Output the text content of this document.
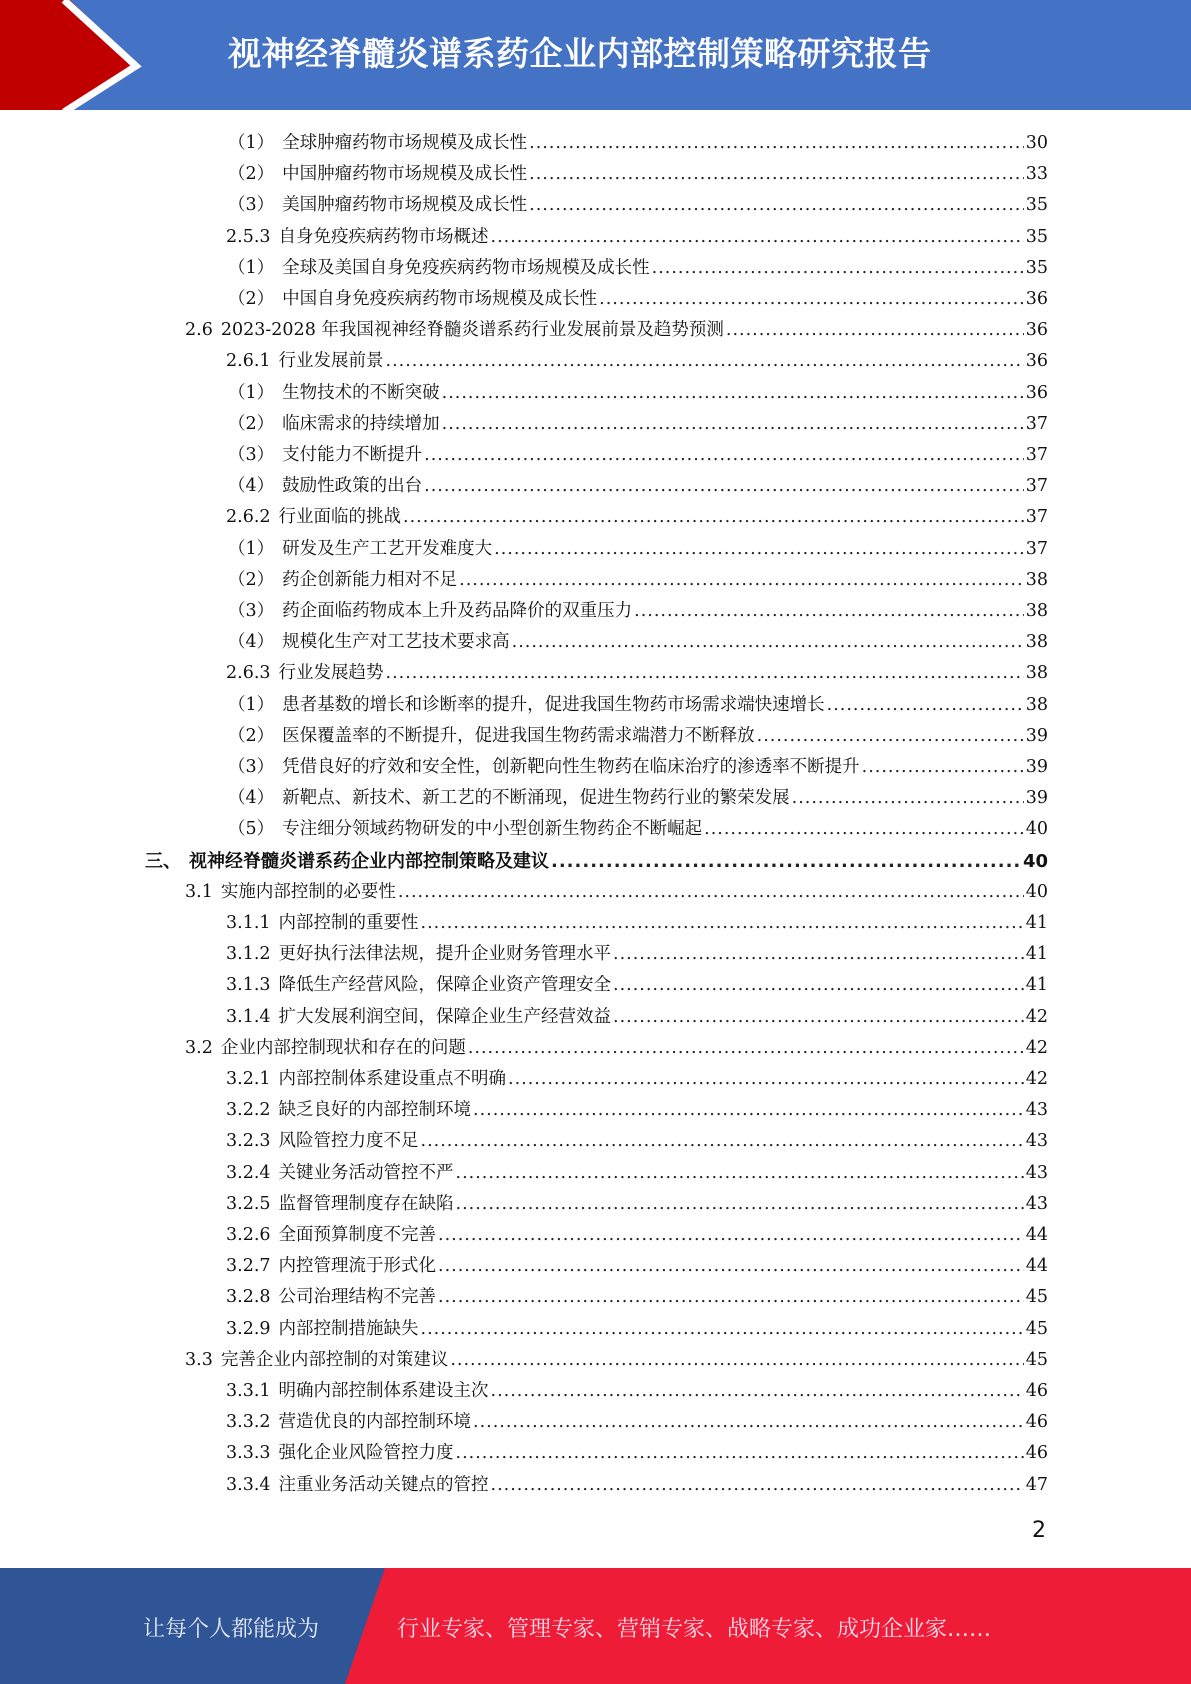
视神经脊髓炎谱系药企业内部控制策略研究报告
（1） 全球肿瘤药物市场规模及成长性 .....	30
（2） 中国肿瘤药物市场规模及成长性 .....	33
（3） 美国肿瘤药物市场规模及成长性 .....	35
2.5.3 自身免疫疾病药物市场概述 .....	35
（1） 全球及美国自身免疫疾病药物市场规模及成长性 .....	35
（2） 中国自身免疫疾病药物市场规模及成长性 .....	36
2.6 2023-2028 年我国视神经脊髓炎谱系药行业发展前景及趋势预测 .....	36
2.6.1 行业发展前景 .....	36
（1） 生物技术的不断突破 .....	36
（2） 临床需求的持续增加 .....	37
（3） 支付能力不断提升 .....	37
（4） 鼓励性政策的出台 .....	37
2.6.2 行业面临的挑战 .....	37
（1） 研发及生产工艺开发难度大 .....	37
（2） 药企创新能力相对不足 .....	38
（3） 药企面临药物成本上升及药品降价的双重压力 .....	38
（4） 规模化生产对工艺技术要求高 .....	38
2.6.3 行业发展趋势 .....	38
（1） 患者基数的增长和诊断率的提升，促进我国生物药市场需求端快速增长 .....	38
（2） 医保覆盖率的不断提升，促进我国生物药需求端潜力不断释放 .....	39
（3） 凭借良好的疗效和安全性，创新靶向性生物药在临床治疗的渗透率不断提升 .....	39
（4） 新靶点、新技术、新工艺的不断涌现，促进生物药行业的繁荣发展 .....	39
（5） 专注细分领域药物研发的中小型创新生物药企不断崛起 .....	40
三、 视神经脊髓炎谱系药企业内部控制策略及建议 .....	40
3.1 实施内部控制的必要性 .....	40
3.1.1 内部控制的重要性 .....	41
3.1.2 更好执行法律法规，提升企业财务管理水平 .....	41
3.1.3 降低生产经营风险，保障企业资产管理安全 .....	41
3.1.4 扩大发展利润空间，保障企业生产经营效益 .....	42
3.2 企业内部控制现状和存在的问题 .....	42
3.2.1 内部控制体系建设重点不明确 .....	42
3.2.2 缺乏良好的内部控制环境 .....	43
3.2.3 风险管控力度不足 .....	43
3.2.4 关键业务活动管控不严 .....	43
3.2.5 监督管理制度存在缺陷 .....	43
3.2.6 全面预算制度不完善 .....	44
3.2.7 内控管理流于形式化 .....	44
3.2.8 公司治理结构不完善 .....	45
3.2.9 内部控制措施缺失 .....	45
3.3 完善企业内部控制的对策建议 .....	45
3.3.1 明确内部控制体系建设主次 .....	46
3.3.2 营造优良的内部控制环境 .....	46
3.3.3 强化企业风险管控力度 .....	46
3.3.4 注重业务活动关键点的管控 .....	47
2
让每个人都能成为	行业专家、管理专家、营销专家、战略专家、成功企业家……
